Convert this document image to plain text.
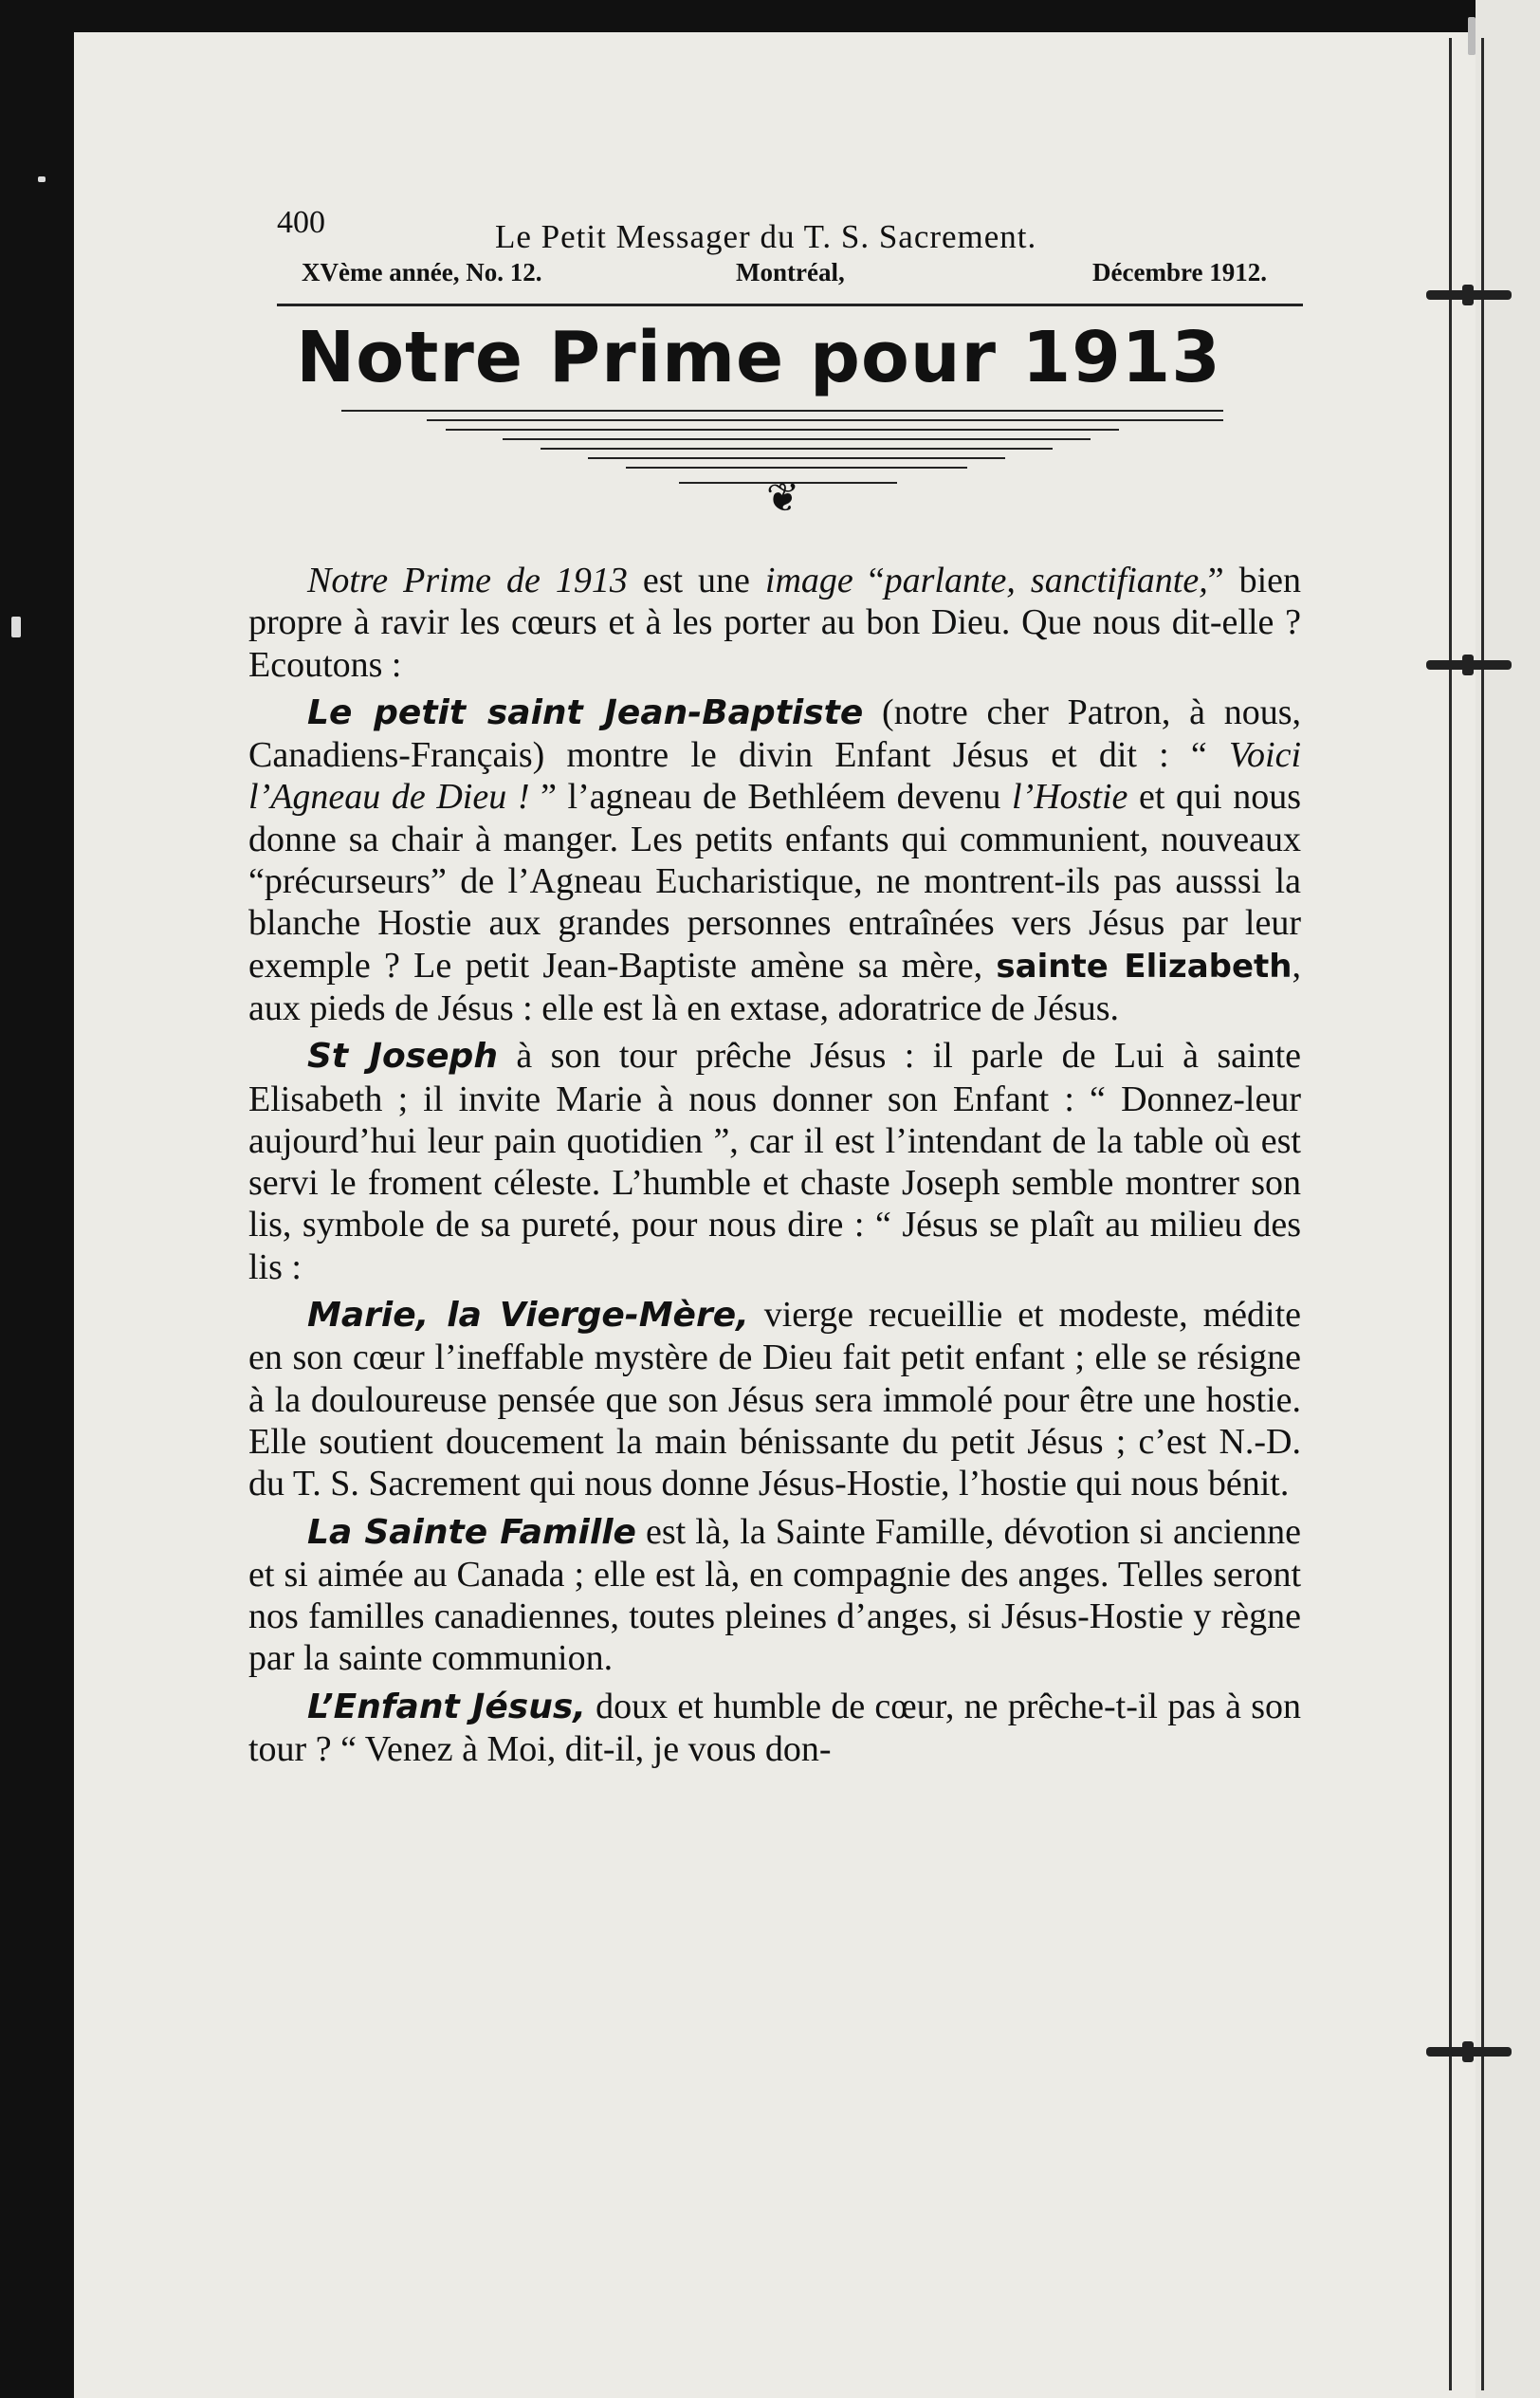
400	Le Petit Messager du T. S. Sacrement.
XVème année, No. 12.	Montréal,	Décembre 1912.
Notre Prime pour 1913
❦

Notre Prime de 1913 est une image “parlante, sanctifiante,” bien propre à ravir les cœurs et à les porter au bon Dieu. Que nous dit-elle ? Ecoutons :

Le petit saint Jean-Baptiste (notre cher Patron, à nous, Canadiens-Français) montre le divin Enfant Jésus et dit : “ Voici l’Agneau de Dieu ! ” l’agneau de Bethléem devenu l’Hostie et qui nous donne sa chair à manger. Les petits enfants qui communient, nouveaux “précurseurs” de l’Agneau Eucharistique, ne montrent-ils pas ausssi la blanche Hostie aux grandes personnes entraînées vers Jésus par leur exemple ? Le petit Jean-Baptiste amène sa mère, sainte Elizabeth, aux pieds de Jésus : elle est là en extase, adoratrice de Jésus.

St Joseph à son tour prêche Jésus : il parle de Lui à sainte Elisabeth ; il invite Marie à nous donner son Enfant : “ Donnez-leur aujourd’hui leur pain quotidien ”, car il est l’intendant de la table où est servi le froment céleste. L’humble et chaste Joseph semble montrer son lis, symbole de sa pureté, pour nous dire : “ Jésus se plaît au milieu des lis :

Marie, la Vierge-Mère, vierge recueillie et modeste, médite en son cœur l’ineffable mystère de Dieu fait petit enfant ; elle se résigne à la douloureuse pensée que son Jésus sera immolé pour être une hostie. Elle soutient doucement la main bénissante du petit Jésus ; c’est N.-D. du T. S. Sacrement qui nous donne Jésus-Hostie, l’hostie qui nous bénit.

La Sainte Famille est là, la Sainte Famille, dévotion si ancienne et si aimée au Canada ; elle est là, en compagnie des anges. Telles seront nos familles canadiennes, toutes pleines d’anges, si Jésus-Hostie y règne par la sainte communion.

L’Enfant Jésus, doux et humble de cœur, ne prêche-t-il pas à son tour ? “ Venez à Moi, dit-il, je vous don-
